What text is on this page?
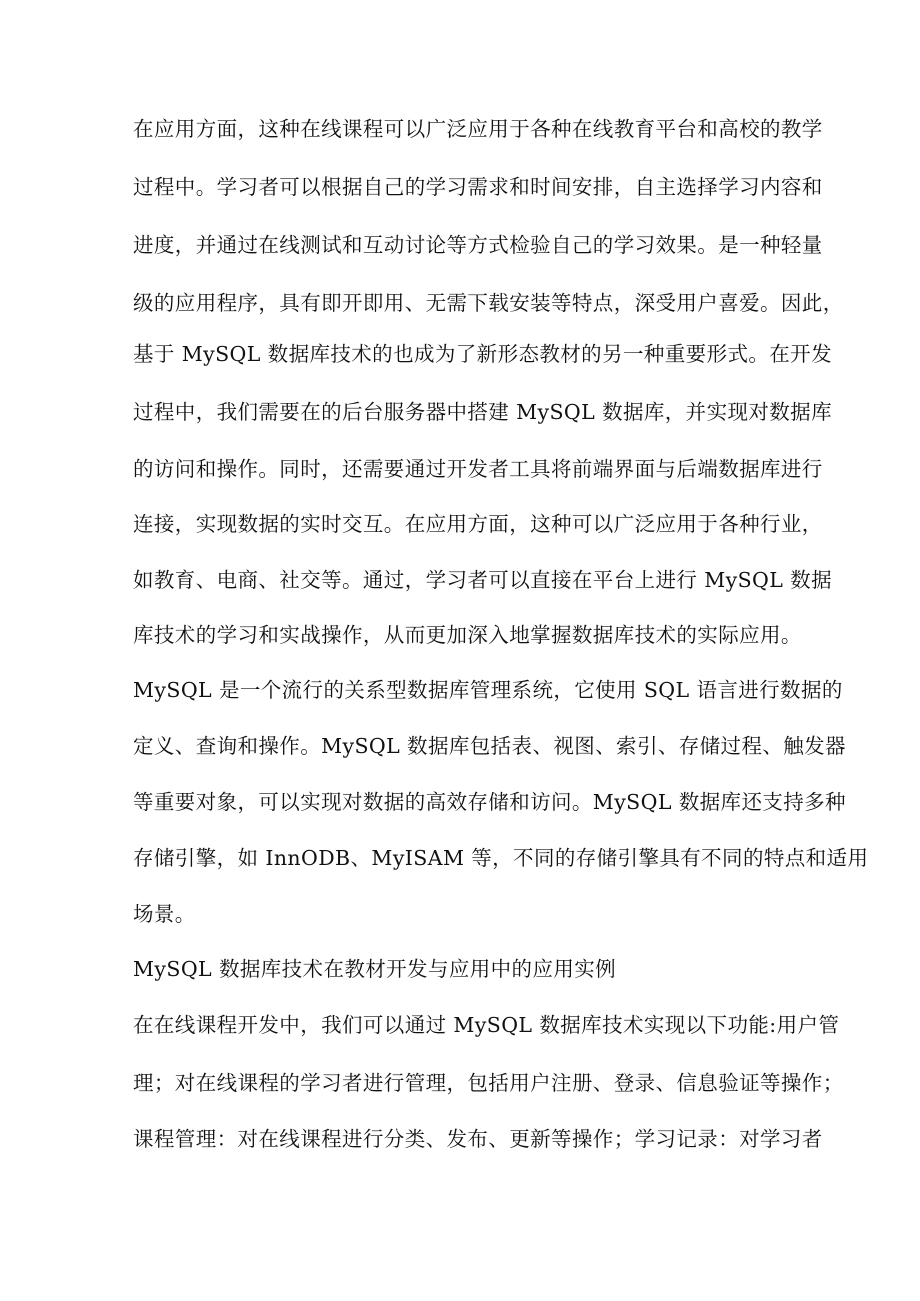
在应用方面，这种在线课程可以广泛应用于各种在线教育平台和高校的教学

过程中。学习者可以根据自己的学习需求和时间安排，自主选择学习内容和

进度，并通过在线测试和互动讨论等方式检验自己的学习效果。是一种轻量

级的应用程序，具有即开即用、无需下载安装等特点，深受用户喜爱。因此，

基于 MySQL 数据库技术的也成为了新形态教材的另一种重要形式。在开发

过程中，我们需要在的后台服务器中搭建 MySQL 数据库，并实现对数据库

的访问和操作。同时，还需要通过开发者工具将前端界面与后端数据库进行

连接，实现数据的实时交互。在应用方面，这种可以广泛应用于各种行业，

如教育、电商、社交等。通过，学习者可以直接在平台上进行 MySQL 数据

库技术的学习和实战操作，从而更加深入地掌握数据库技术的实际应用。

MySQL 是一个流行的关系型数据库管理系统，它使用 SQL 语言进行数据的

定义、查询和操作。MySQL 数据库包括表、视图、索引、存储过程、触发器

等重要对象，可以实现对数据的高效存储和访问。MySQL 数据库还支持多种

存储引擎，如 InnODB、MyISAM 等，不同的存储引擎具有不同的特点和适用

场景。

MySQL 数据库技术在教材开发与应用中的应用实例

在在线课程开发中，我们可以通过 MySQL 数据库技术实现以下功能:用户管

理；对在线课程的学习者进行管理，包括用户注册、登录、信息验证等操作；

课程管理：对在线课程进行分类、发布、更新等操作；学习记录：对学习者
